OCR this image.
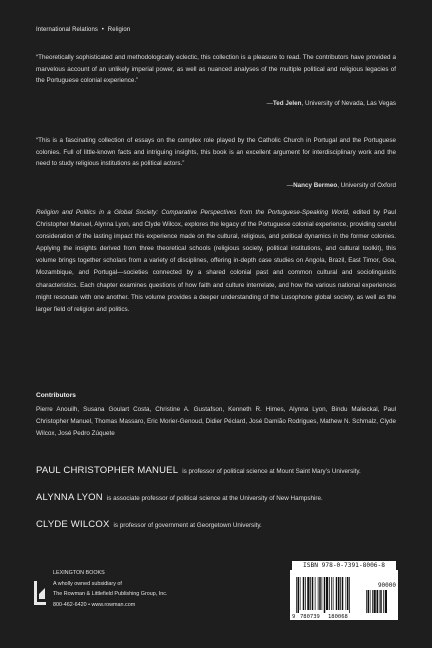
International Relations • Religion
“Theoretically sophisticated and methodologically eclectic, this collection is a pleasure to read. The contributors have provided a marvelous account of an unlikely imperial power, as well as nuanced analyses of the multiple political and religious legacies of the Portuguese colonial experience.”
—Ted Jelen, University of Nevada, Las Vegas
“This is a fascinating collection of essays on the complex role played by the Catholic Church in Portugal and the Portuguese colonies. Full of little-known facts and intriguing insights, this book is an excellent argument for interdisciplinary work and the need to study religious institutions as political actors.”
—Nancy Bermeo, University of Oxford
Religion and Politics in a Global Society: Comparative Perspectives from the Portuguese-Speaking World, edited by Paul Christopher Manuel, Alynna Lyon, and Clyde Wilcox, explores the legacy of the Portuguese colonial experience, providing careful consideration of the lasting impact this experience made on the cultural, religious, and political dynamics in the former colonies. Applying the insights derived from three theoretical schools (religious society, political institutions, and cultural toolkit), this volume brings together scholars from a variety of disciplines, offering in-depth case studies on Angola, Brazil, East Timor, Goa, Mozambique, and Portugal—societies connected by a shared colonial past and common cultural and sociolinguistic characteristics. Each chapter examines questions of how faith and culture interrelate, and how the various national experiences might resonate with one another. This volume provides a deeper understanding of the Lusophone global society, as well as the larger field of religion and politics.
Contributors
Pierre Anouilh, Susana Goulart Costa, Christine A. Gustafson, Kenneth R. Himes, Alynna Lyon, Bindu Malieckal, Paul Christopher Manuel, Thomas Massaro, Eric Morier-Genoud, Didier Péclard, José Damião Rodrigues, Mathew N. Schmalz, Clyde Wilcox, José Pedro Zúquete
PAUL CHRISTOPHER MANUEL is professor of political science at Mount Saint Mary’s University.
ALYNNA LYON is associate professor of political science at the University of New Hampshire.
CLYDE WILCOX is professor of government at Georgetown University.
LEXINGTON BOOKS
A wholly owned subsidiary of
The Rowman & Littlefield Publishing Group, Inc.
800-462-6420 • www.rowman.com
ISBN 978-0-7391-8006-8
90000
9 780739 180068
